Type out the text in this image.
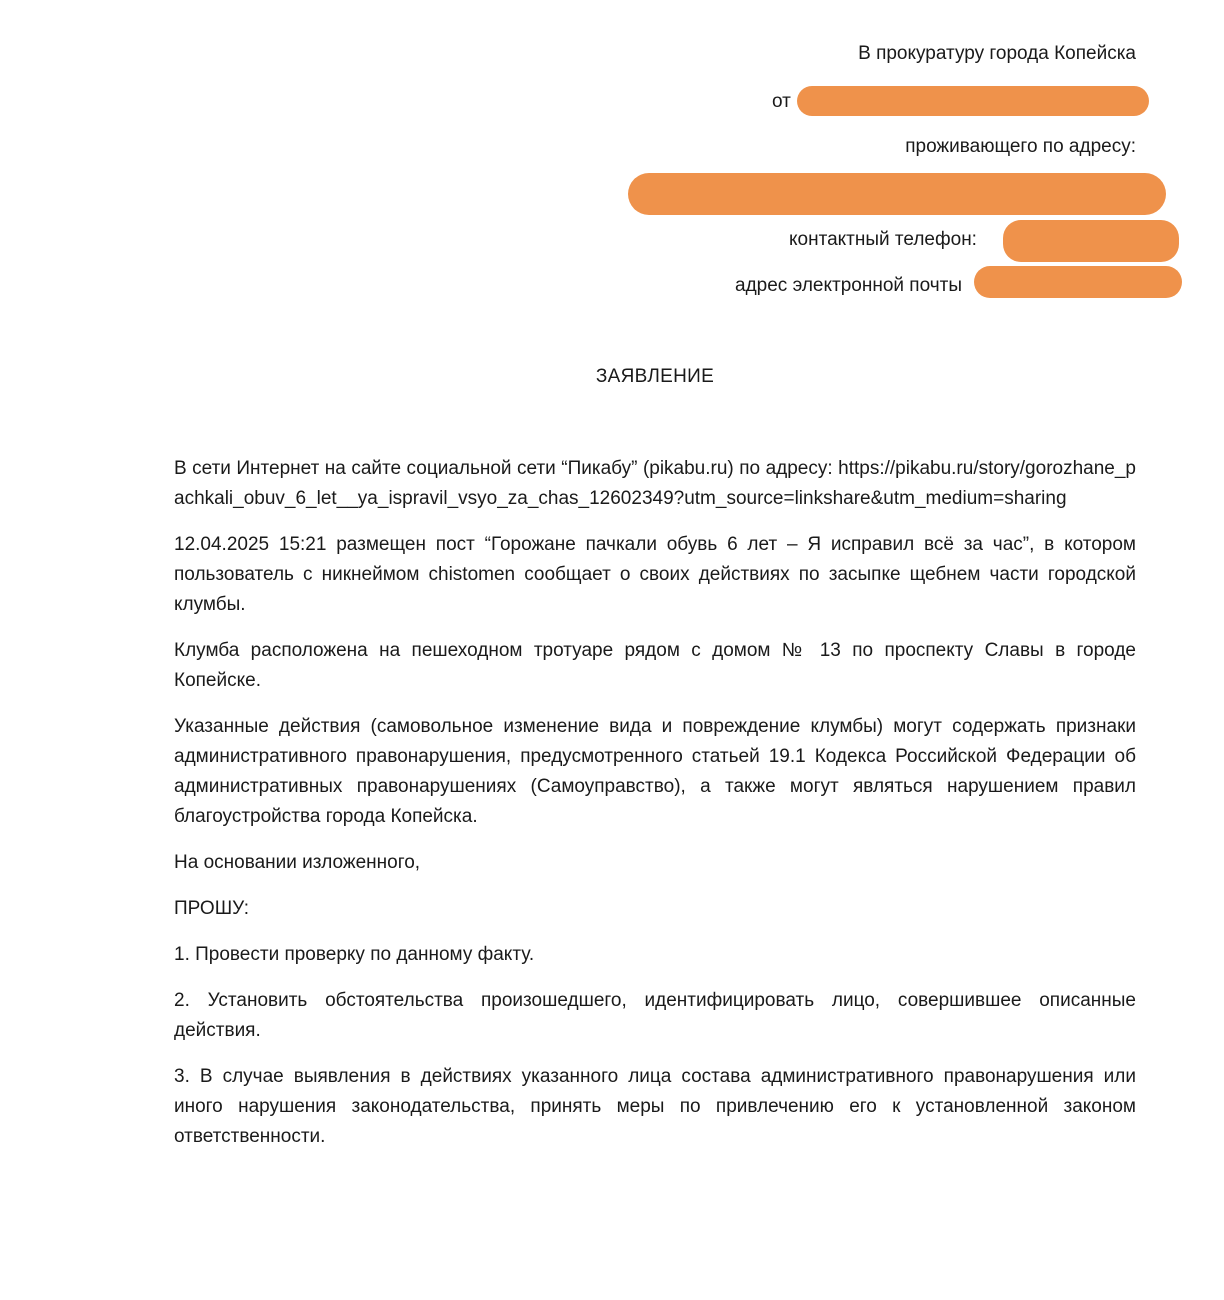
В прокуратуру города Копейска
от
проживающего по адресу:
контактный телефон:
адрес электронной почты
ЗАЯВЛЕНИЕ

В сети Интернет на сайте социальной сети “Пикабу” (pikabu.ru) по адресу: https://pikabu.ru/story/gorozhane_pachkali_obuv_6_let__ya_ispravil_vsyo_za_chas_12602349?utm_source=linkshare&utm_medium=sharing

12.04.2025 15:21 размещен пост “Горожане пачкали обувь 6 лет – Я исправил всё за час”, в котором пользователь с никнеймом chistomen сообщает о своих действиях по засыпке щебнем части городской клумбы.

Клумба расположена на пешеходном тротуаре рядом с домом № 13 по проспекту Славы в городе Копейске.

Указанные действия (самовольное изменение вида и повреждение клумбы) могут содержать признаки административного правонарушения, предусмотренного статьей 19.1 Кодекса Российской Федерации об административных правонарушениях (Самоуправство), а также могут являться нарушением правил благоустройства города Копейска.

На основании изложенного,

ПРОШУ:

1. Провести проверку по данному факту.

2. Установить обстоятельства произошедшего, идентифицировать лицо, совершившее описанные действия.

3. В случае выявления в действиях указанного лица состава административного правонарушения или иного нарушения законодательства, принять меры по привлечению его к установленной законом ответственности.
